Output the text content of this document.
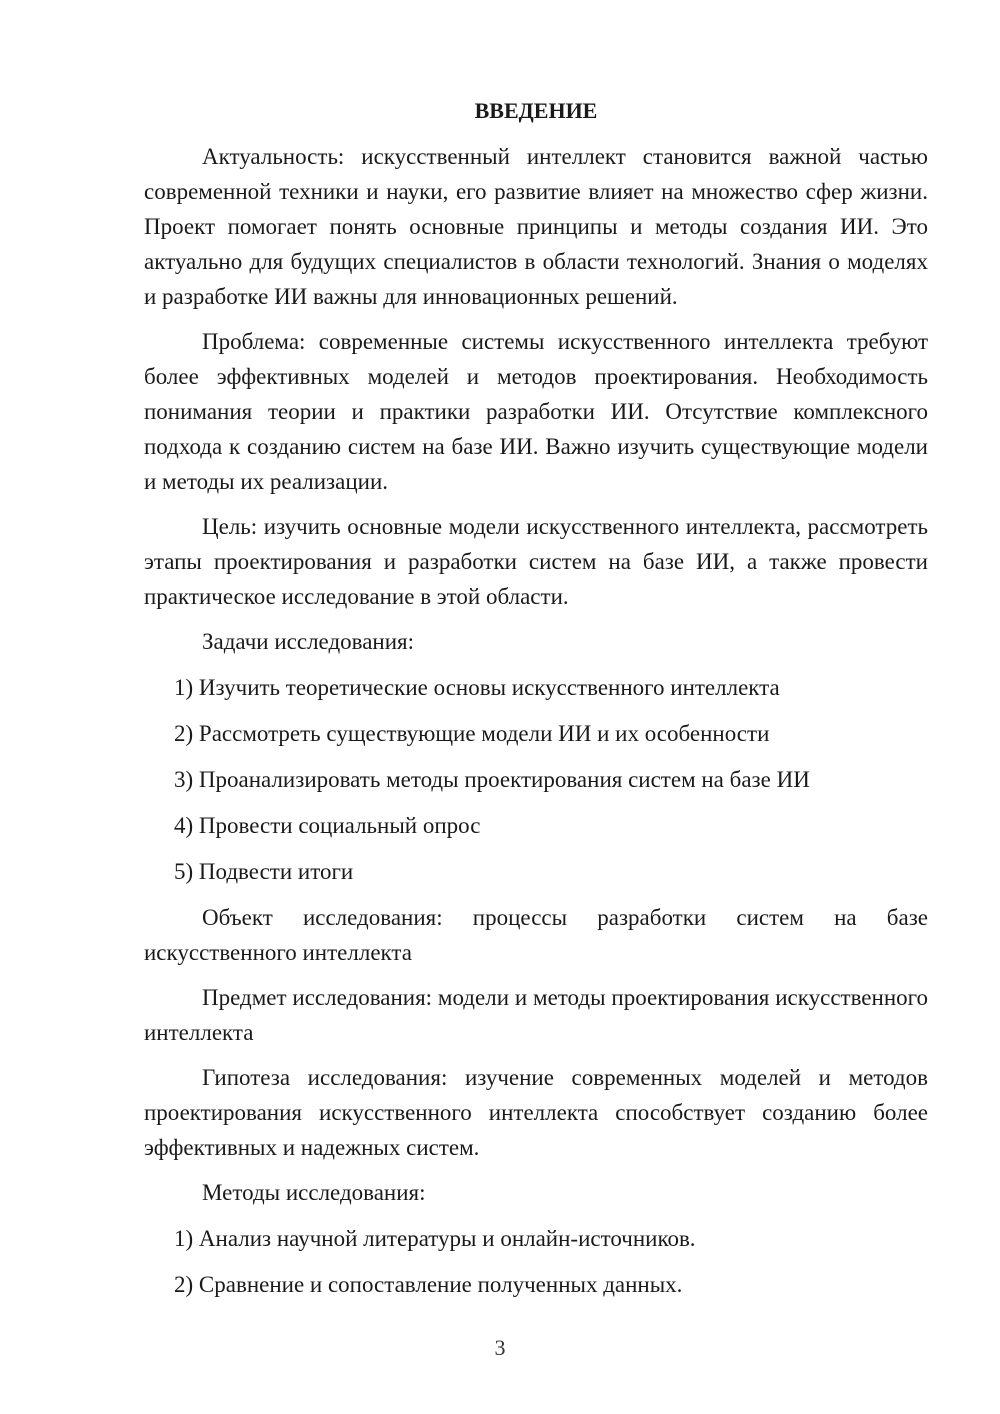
ВВЕДЕНИЕ

Актуальность: искусственный интеллект становится важной частью современной техники и науки, его развитие влияет на множество сфер жизни. Проект помогает понять основные принципы и методы создания ИИ. Это актуально для будущих специалистов в области технологий. Знания о моделях и разработке ИИ важны для инновационных решений.

Проблема: современные системы искусственного интеллекта требуют более эффективных моделей и методов проектирования. Необходимость понимания теории и практики разработки ИИ. Отсутствие комплексного подхода к созданию систем на базе ИИ. Важно изучить существующие модели и методы их реализации.

Цель: изучить основные модели искусственного интеллекта, рассмотреть этапы проектирования и разработки систем на базе ИИ, а также провести практическое исследование в этой области.

Задачи исследования:

1) Изучить теоретические основы искусственного интеллекта

2) Рассмотреть существующие модели ИИ и их особенности

3) Проанализировать методы проектирования систем на базе ИИ

4) Провести социальный опрос

5) Подвести итоги

Объект исследования: процессы разработки систем на базе искусственного интеллекта

Предмет исследования: модели и методы проектирования искусственного интеллекта

Гипотеза исследования: изучение современных моделей и методов проектирования искусственного интеллекта способствует созданию более эффективных и надежных систем.

Методы исследования:

1) Анализ научной литературы и онлайн-источников.

2) Сравнение и сопоставление полученных данных.

3
